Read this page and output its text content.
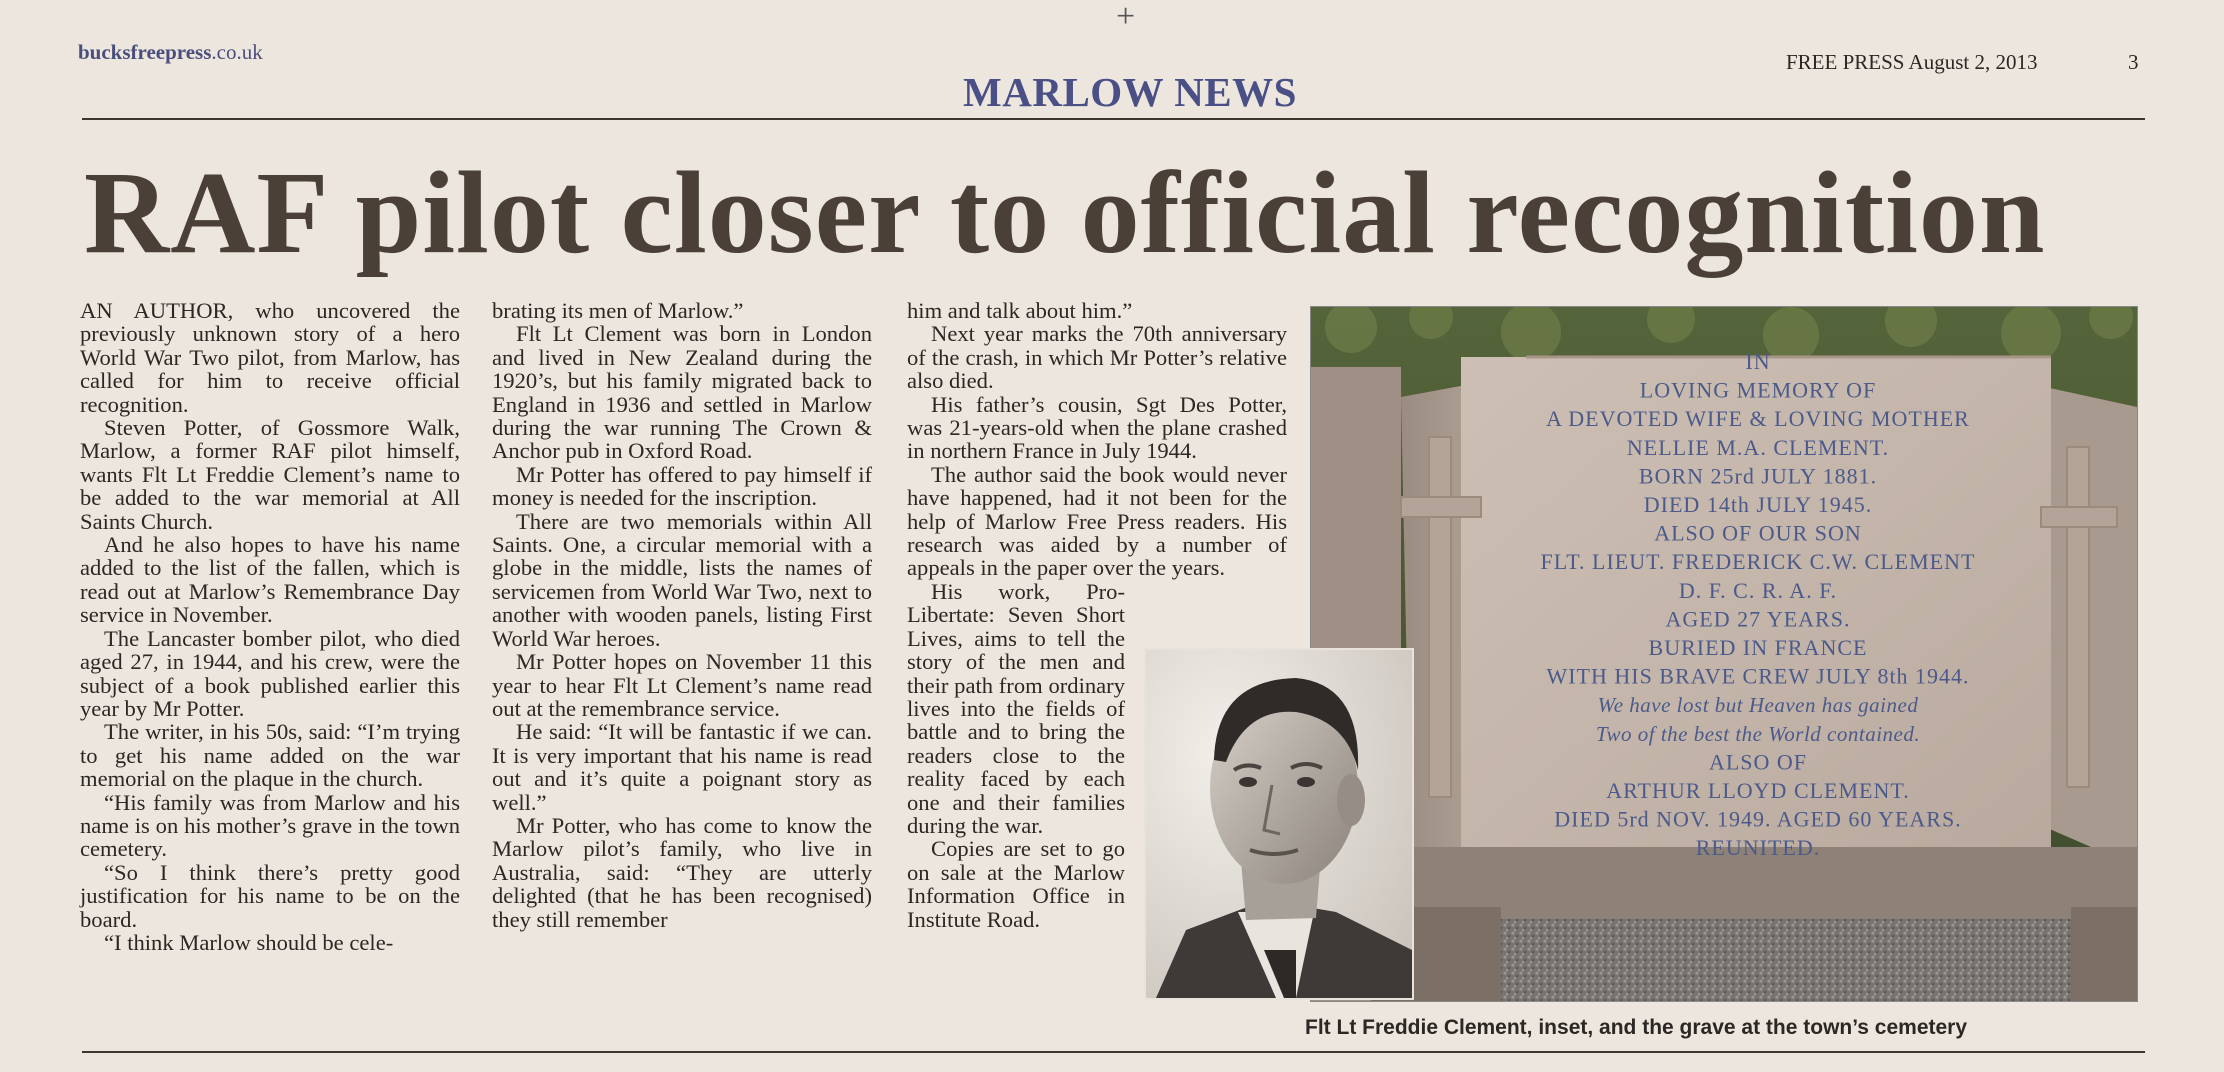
+
bucksfreepress.co.uk
MARLOW NEWS
FREE PRESS August 2, 2013	3
RAF pilot closer to official recognition

AN AUTHOR, who uncovered the previously unknown story of a hero World War Two pilot, from Marlow, has called for him to receive official recognition.

Steven Potter, of Gossmore Walk, Marlow, a former RAF pilot himself, wants Flt Lt Freddie Clement’s name to be added to the war memorial at All Saints Church.

And he also hopes to have his name added to the list of the fallen, which is read out at Marlow’s Remembrance Day service in November.

The Lancaster bomber pilot, who died aged 27, in 1944, and his crew, were the subject of a book published earlier this year by Mr Potter.

The writer, in his 50s, said: “I’m trying to get his name added on the war memorial on the plaque in the church.

“His family was from Marlow and his name is on his mother’s grave in the town cemetery.

“So I think there’s pretty good justification for his name to be on the board.

“I think Marlow should be cele-

brating its men of Marlow.”

Flt Lt Clement was born in London and lived in New Zealand during the 1920’s, but his family migrated back to England in 1936 and settled in Marlow during the war running The Crown & Anchor pub in Oxford Road.

Mr Potter has offered to pay himself if money is needed for the inscription.

There are two memorials within All Saints. One, a circular memorial with a globe in the middle, lists the names of servicemen from World War Two, next to another with wooden panels, listing First World War heroes.

Mr Potter hopes on November 11 this year to hear Flt Lt Clement’s name read out at the remembrance service.

He said: “It will be fantastic if we can. It is very important that his name is read out and it’s quite a poignant story as well.”

Mr Potter, who has come to know the Marlow pilot’s family, who live in Australia, said: “They are utterly delighted (that he has been recognised) they still remember

him and talk about him.”

Next year marks the 70th anniversary of the crash, in which Mr Potter’s relative also died.

His father’s cousin, Sgt Des Potter, was 21-years-old when the plane crashed in northern France in July 1944.

The author said the book would never have happened, had it not been for the help of Marlow Free Press readers. His research was aided by a number of appeals in the paper over the years.

His work, Pro-Libertate: Seven Short Lives, aims to tell the story of the men and their path from ordinary lives into the fields of battle and to bring the readers close to the reality faced by each one and their families during the war.

Copies are set to go on sale at the Marlow Information Office in Institute Road.

IN
LOVING MEMORY OF
A DEVOTED WIFE & LOVING MOTHER
NELLIE M.A. CLEMENT.
BORN 25rd JULY 1881.
DIED 14th JULY 1945.
ALSO OF OUR SON
FLT. LIEUT. FREDERICK C.W. CLEMENT
D. F. C. R. A. F.
AGED 27 YEARS.
BURIED IN FRANCE
WITH HIS BRAVE CREW JULY 8th 1944.
We have lost but Heaven has gained
Two of the best the World contained.
ALSO OF
ARTHUR LLOYD CLEMENT.
DIED 5rd NOV. 1949. AGED 60 YEARS.
REUNITED.
Flt Lt Freddie Clement, inset, and the grave at the town’s cemetery
